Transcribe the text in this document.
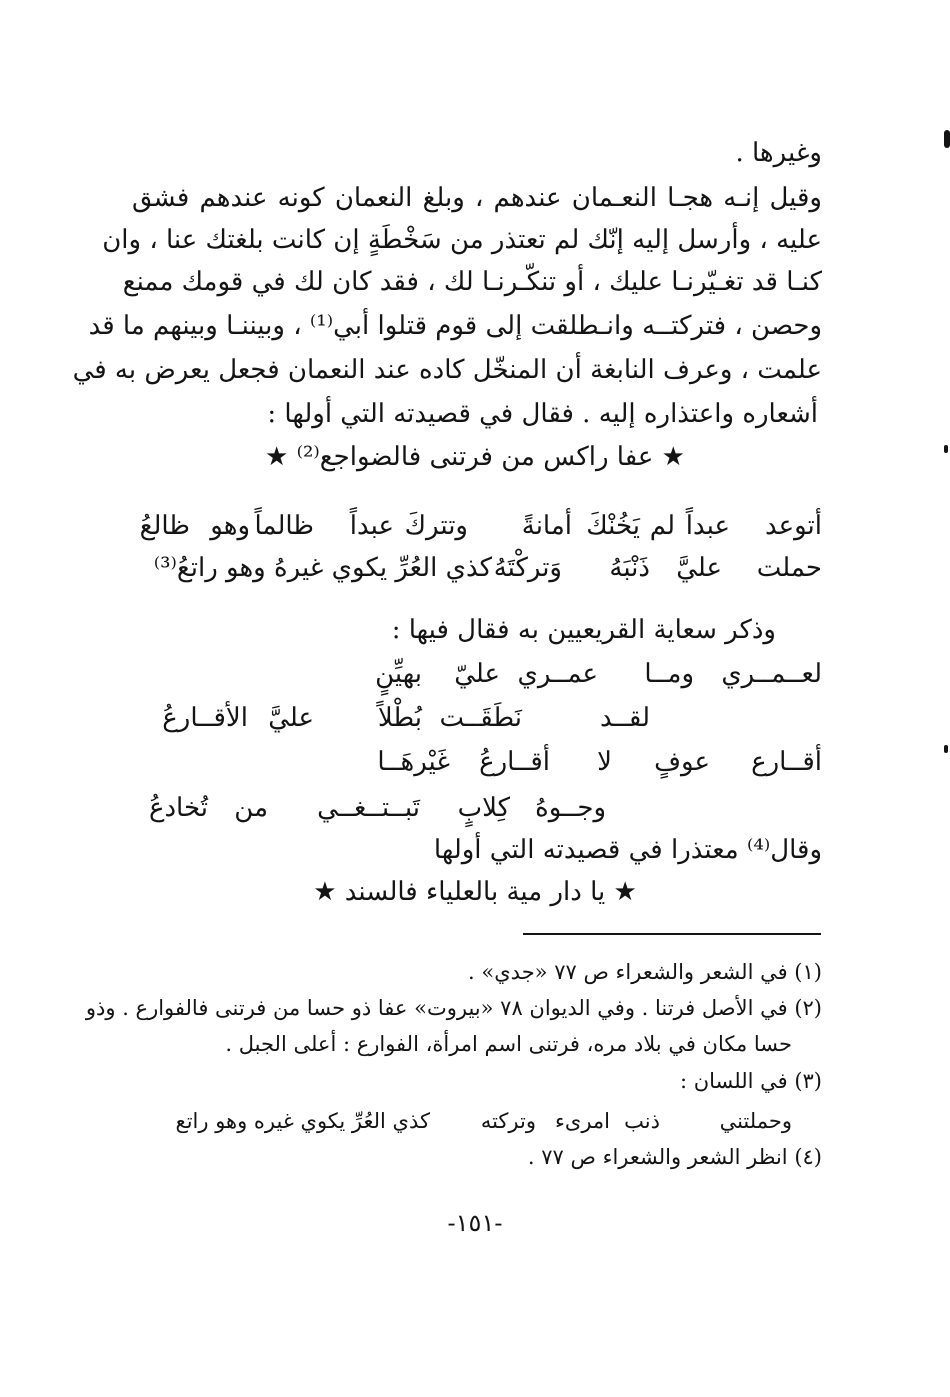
وغيرها .
وقيل إنـه هجـا النعـمان عندهم ، وبلغ النعمان كونه عندهم فشق
عليه ، وأرسل إليه إنّك لم تعتذر من سَخْطَةٍ إن كانت بلغتك عنا ، وان
كنـا قد تغـيّرنـا عليك ، أو تنكّـرنـا لك ، فقد كان لك في قومك ممنع
وحصن ، فتركتــه وانـطلقت إلى قوم قتلوا أبي⁽¹⁾ ، وبيننـا وبينهم ما قد
علمت ، وعرف النابغة أن المنخّل كاده عند النعمان فجعل يعرض به في
أشعاره واعتذاره إليه . فقال في قصيدته التي أولها :
★ عفا راكس من فرتنى فالضواجع⁽²⁾ ★
أتوعد
عبداً
لم
يَخُنْكَ
أمانةً
وتتركَ
عبداً
ظالماً
وهو
ظالعُ
حملت
عليَّ
ذَنْبَهُ
وَتركْتَهُ
كذي العُرِّ يكوي غيرهُ وهو راتعُ⁽³⁾
وذكر سعاية القريعيين به فقال فيها :
لعــمــري
ومــا
عمــري
عليّ
بهيِّنٍ
لقــد
نَطَقَــت
بُطْلاً
عليَّ
الأقــارعُ
أقــارع
عوفٍ
لا
أقــارعُ
غَيْرهَــا
وجــوهُ
كِلابٍ
تَبــتــغــي
من
تُخادعُ
وقال⁽⁴⁾ معتذرا في قصيدته التي أولها
★ يا دار مية بالعلياء فالسند ★
(١) في الشعر والشعراء ص ٧٧ «جدي» .
(٢) في الأصل فرتنا . وفي الديوان ٧٨ «بيروت» عفا ذو حسا من فرتنى فالفوارع . وذو
حسا مكان في بلاد مره، فرتنى اسم امرأة، الفوارع : أعلى الجبل .
(٣) في اللسان :
وحملتني
ذنب
امرىء
وتركته
كذي العُرِّ يكوي غيره وهو راتع
(٤) انظر الشعر والشعراء ص ٧٧ .
-١٥١-
